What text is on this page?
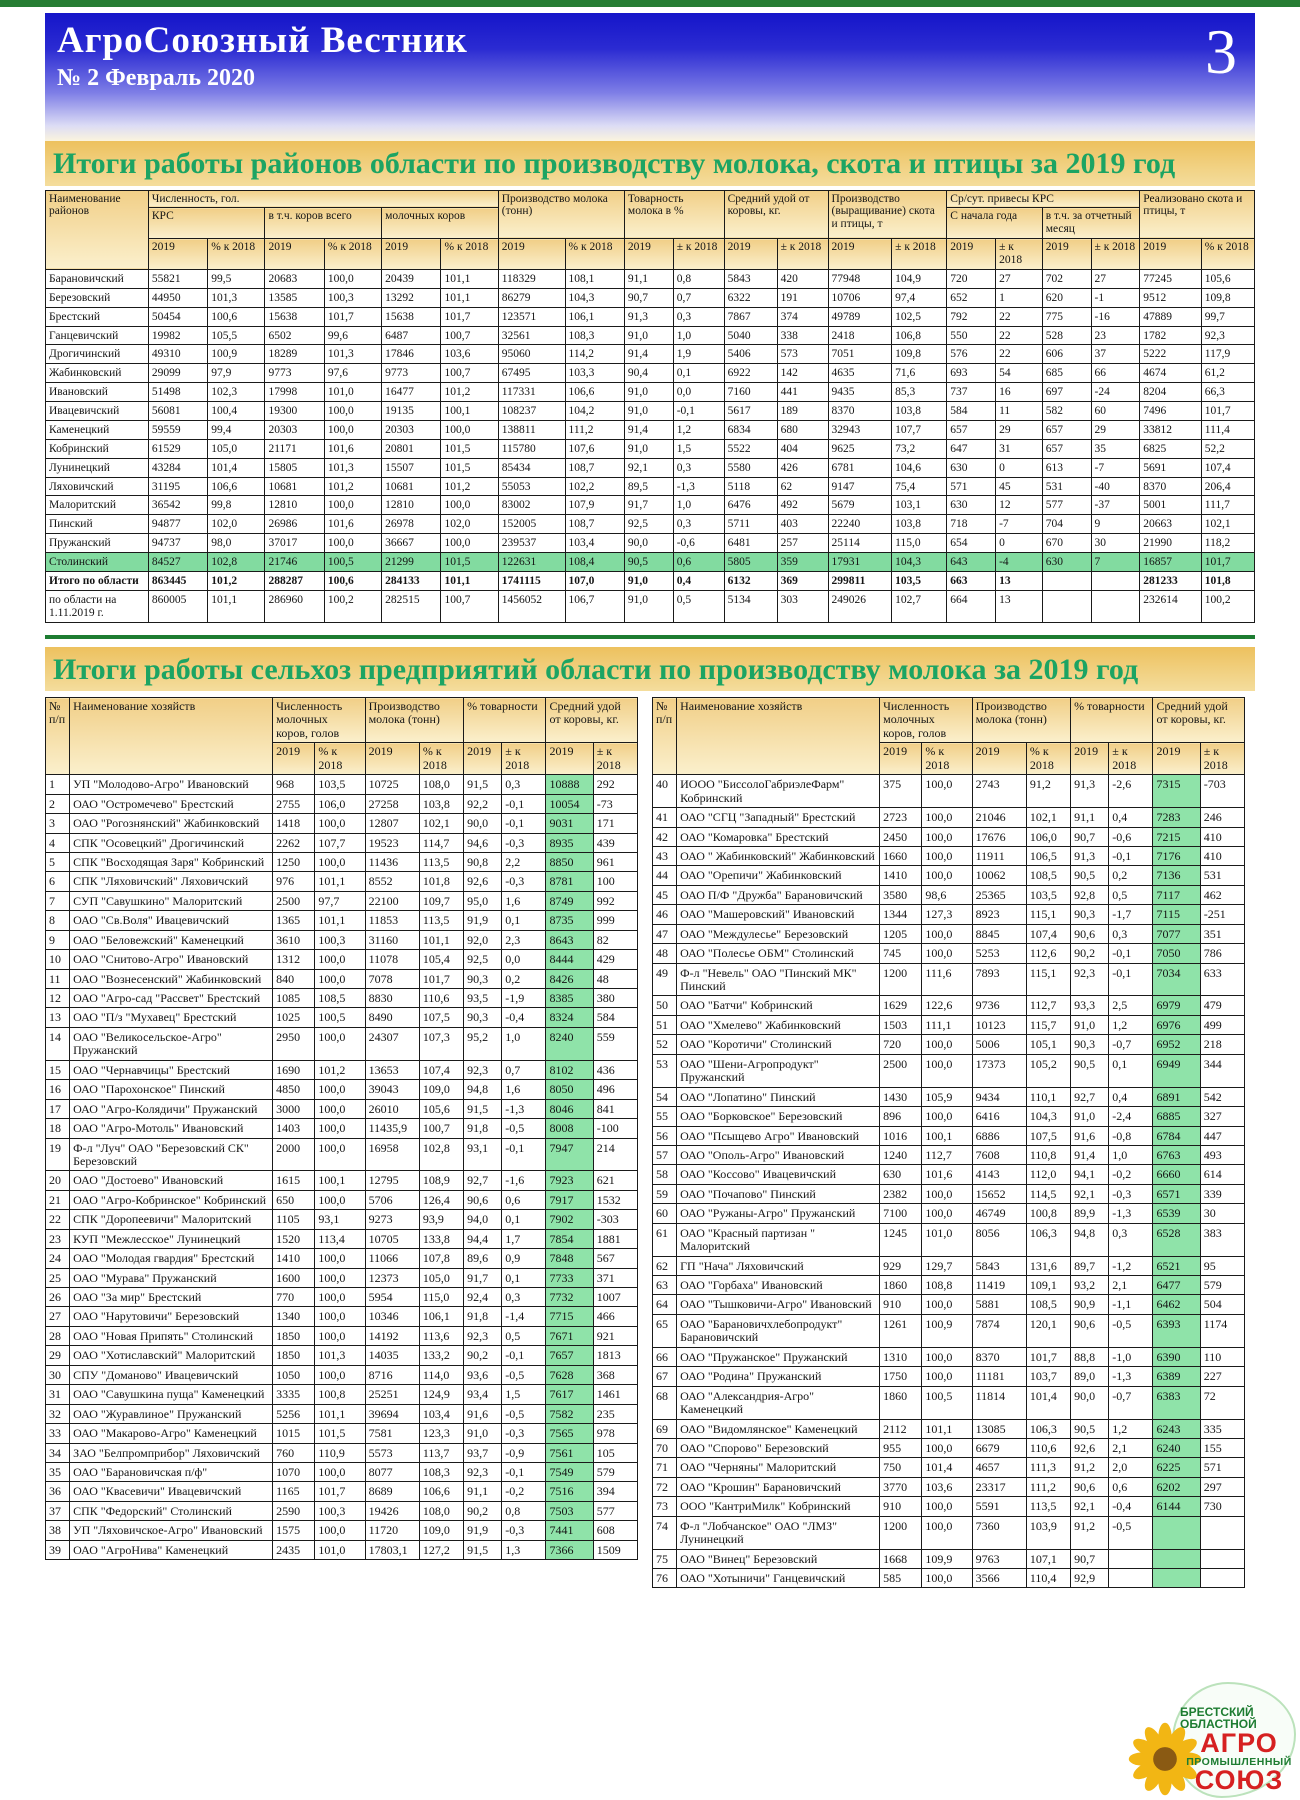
АгроСоюзный Вестник
№ 2 Февраль 2020	3
Итоги работы районов области по производству молока, скота и птицы за 2019 год
Наименование районов	Численность, гол.						Производство молока (тонн)		Товарность молока в %		Средний удой от коровы, кг.		Производство (выращивание) скота и птицы, т		Ср/сут. привесы КРС				Реализовано скота и птицы, т	
	КРС		в т.ч. коров всего		молочных коров										С начала года		в т.ч. за отчетный месяц			
	2019	% к 2018	2019	% к 2018	2019	% к 2018	2019	% к 2018	2019	± к 2018	2019	± к 2018	2019	± к 2018	2019	± к 2018	2019	± к 2018	2019	% к 2018
Барановичский	55821	99,5	20683	100,0	20439	101,1	118329	108,1	91,1	0,8	5843	420	77948	104,9	720	27	702	27	77245	105,6
Березовский	44950	101,3	13585	100,3	13292	101,1	86279	104,3	90,7	0,7	6322	191	10706	97,4	652	1	620	-1	9512	109,8
Брестский	50454	100,6	15638	101,7	15638	101,7	123571	106,1	91,3	0,3	7867	374	49789	102,5	792	22	775	-16	47889	99,7
Ганцевичский	19982	105,5	6502	99,6	6487	100,7	32561	108,3	91,0	1,0	5040	338	2418	106,8	550	22	528	23	1782	92,3
Дрогичинский	49310	100,9	18289	101,3	17846	103,6	95060	114,2	91,4	1,9	5406	573	7051	109,8	576	22	606	37	5222	117,9
Жабинковский	29099	97,9	9773	97,6	9773	100,7	67495	103,3	90,4	0,1	6922	142	4635	71,6	693	54	685	66	4674	61,2
Ивановский	51498	102,3	17998	101,0	16477	101,2	117331	106,6	91,0	0,0	7160	441	9435	85,3	737	16	697	-24	8204	66,3
Ивацевичский	56081	100,4	19300	100,0	19135	100,1	108237	104,2	91,0	-0,1	5617	189	8370	103,8	584	11	582	60	7496	101,7
Каменецкий	59559	99,4	20303	100,0	20303	100,0	138811	111,2	91,4	1,2	6834	680	32943	107,7	657	29	657	29	33812	111,4
Кобринский	61529	105,0	21171	101,6	20801	101,5	115780	107,6	91,0	1,5	5522	404	9625	73,2	647	31	657	35	6825	52,2
Лунинецкий	43284	101,4	15805	101,3	15507	101,5	85434	108,7	92,1	0,3	5580	426	6781	104,6	630	0	613	-7	5691	107,4
Ляховичский	31195	106,6	10681	101,2	10681	101,2	55053	102,2	89,5	-1,3	5118	62	9147	75,4	571	45	531	-40	8370	206,4
Малоритский	36542	99,8	12810	100,0	12810	100,0	83002	107,9	91,7	1,0	6476	492	5679	103,1	630	12	577	-37	5001	111,7
Пинский	94877	102,0	26986	101,6	26978	102,0	152005	108,7	92,5	0,3	5711	403	22240	103,8	718	-7	704	9	20663	102,1
Пружанский	94737	98,0	37017	100,0	36667	100,0	239537	103,4	90,0	-0,6	6481	257	25114	115,0	654	0	670	30	21990	118,2
Столинский	84527	102,8	21746	100,5	21299	101,5	122631	108,4	90,5	0,6	5805	359	17931	104,3	643	-4	630	7	16857	101,7
Итого по области	863445	101,2	288287	100,6	284133	101,1	1741115	107,0	91,0	0,4	6132	369	299811	103,5	663	13			281233	101,8
по области на 1.11.2019 г.	860005	101,1	286960	100,2	282515	100,7	1456052	106,7	91,0	0,5	5134	303	249026	102,7	664	13			232614	100,2
Итоги работы сельхоз предприятий области по производству молока за 2019 год
№ п/п	Наименование хозяйств	Численность молочных коров, голов		Производство молока (тонн)		% товарности		Средний удой от коровы, кг.	
		2019	% к 2018	2019	% к 2018	2019	± к 2018	2019	± к 2018
1	УП "Молодово-Агро" Ивановский	968	103,5	10725	108,0	91,5	0,3	10888	292
2	ОАО "Остромечево" Брестский	2755	106,0	27258	103,8	92,2	-0,1	10054	-73
3	ОАО "Рогознянский" Жабинковский	1418	100,0	12807	102,1	90,0	-0,1	9031	171
4	СПК "Осовецкий" Дрогичинский	2262	107,7	19523	114,7	94,6	-0,3	8935	439
5	СПК "Восходящая Заря" Кобринский	1250	100,0	11436	113,5	90,8	2,2	8850	961
6	СПК "Ляховичский" Ляховичский	976	101,1	8552	101,8	92,6	-0,3	8781	100
7	СУП "Савушкино" Малоритский	2500	97,7	22100	109,7	95,0	1,6	8749	992
8	ОАО "Св.Воля" Ивацевичский	1365	101,1	11853	113,5	91,9	0,1	8735	999
9	ОАО "Беловежский" Каменецкий	3610	100,3	31160	101,1	92,0	2,3	8643	82
10	ОАО "Снитово-Агро" Ивановский	1312	100,0	11078	105,4	92,5	0,0	8444	429
11	ОАО "Вознесенский" Жабинковский	840	100,0	7078	101,7	90,3	0,2	8426	48
12	ОАО "Агро-сад "Рассвет" Брестский	1085	108,5	8830	110,6	93,5	-1,9	8385	380
13	ОАО "П/з "Мухавец" Брестский	1025	100,5	8490	107,5	90,3	-0,4	8324	584
14	ОАО "Великосельское-Агро" Пружанский	2950	100,0	24307	107,3	95,2	1,0	8240	559
15	ОАО "Чернавчицы" Брестский	1690	101,2	13653	107,4	92,3	0,7	8102	436
16	ОАО "Парохонское" Пинский	4850	100,0	39043	109,0	94,8	1,6	8050	496
17	ОАО "Агро-Колядичи" Пружанский	3000	100,0	26010	105,6	91,5	-1,3	8046	841
18	ОАО "Агро-Мотоль" Ивановский	1403	100,0	11435,9	100,7	91,8	-0,5	8008	-100
19	Ф-л "Луч" ОАО "Березовский СК" Березовский	2000	100,0	16958	102,8	93,1	-0,1	7947	214
20	ОАО "Достоево" Ивановский	1615	100,1	12795	108,9	92,7	-1,6	7923	621
21	ОАО "Агро-Кобринское" Кобринский	650	100,0	5706	126,4	90,6	0,6	7917	1532
22	СПК "Доропеевичи" Малоритский	1105	93,1	9273	93,9	94,0	0,1	7902	-303
23	КУП "Межлесское" Лунинецкий	1520	113,4	10705	133,8	94,4	1,7	7854	1881
24	ОАО "Молодая гвардия" Брестский	1410	100,0	11066	107,8	89,6	0,9	7848	567
25	ОАО "Мурава" Пружанский	1600	100,0	12373	105,0	91,7	0,1	7733	371
26	ОАО "За мир" Брестский	770	100,0	5954	115,0	92,4	0,3	7732	1007
27	ОАО "Нарутовичи" Березовский	1340	100,0	10346	106,1	91,8	-1,4	7715	466
28	ОАО "Новая Припять" Столинский	1850	100,0	14192	113,6	92,3	0,5	7671	921
29	ОАО "Хотиславский" Малоритский	1850	101,3	14035	133,2	90,2	-0,1	7657	1813
30	СПУ "Доманово" Ивацевичский	1050	100,0	8716	114,0	93,6	-0,5	7628	368
31	ОАО "Савушкина пуща" Каменецкий	3335	100,8	25251	124,9	93,4	1,5	7617	1461
32	ОАО "Журавлиное" Пружанский	5256	101,1	39694	103,4	91,6	-0,5	7582	235
33	ОАО "Макарово-Агро" Каменецкий	1015	101,5	7581	123,3	91,0	-0,3	7565	978
34	ЗАО "Белпромприбор" Ляховичский	760	110,9	5573	113,7	93,7	-0,9	7561	105
35	ОАО "Барановичская п/ф"	1070	100,0	8077	108,3	92,3	-0,1	7549	579
36	ОАО "Квасевичи" Ивацевичский	1165	101,7	8689	106,6	91,1	-0,2	7516	394
37	СПК "Федорский" Столинский	2590	100,3	19426	108,0	90,2	0,8	7503	577
38	УП "Ляховичское-Агро" Ивановский	1575	100,0	11720	109,0	91,9	-0,3	7441	608
39	ОАО "АгроНива" Каменецкий	2435	101,0	17803,1	127,2	91,5	1,3	7366	1509
№ п/п	Наименование хозяйств	Численность молочных коров, голов		Производство молока (тонн)		% товарности		Средний удой от коровы, кг.	
		2019	% к 2018	2019	% к 2018	2019	± к 2018	2019	± к 2018
40	ИООО "БиссолоГабриэлеФарм" Кобринский	375	100,0	2743	91,2	91,3	-2,6	7315	-703
41	ОАО "СГЦ "Западный" Брестский	2723	100,0	21046	102,1	91,1	0,4	7283	246
42	ОАО "Комаровка" Брестский	2450	100,0	17676	106,0	90,7	-0,6	7215	410
43	ОАО " Жабинковский" Жабинковский	1660	100,0	11911	106,5	91,3	-0,1	7176	410
44	ОАО "Орепичи" Жабинковский	1410	100,0	10062	108,5	90,5	0,2	7136	531
45	ОАО П/Ф "Дружба" Барановичский	3580	98,6	25365	103,5	92,8	0,5	7117	462
46	ОАО "Машеровский" Ивановский	1344	127,3	8923	115,1	90,3	-1,7	7115	-251
47	ОАО "Междулесье" Березовский	1205	100,0	8845	107,4	90,6	0,3	7077	351
48	ОАО "Полесье ОБМ" Столинский	745	100,0	5253	112,6	90,2	-0,1	7050	786
49	Ф-л "Невель" ОАО "Пинский МК" Пинский	1200	111,6	7893	115,1	92,3	-0,1	7034	633
50	ОАО "Батчи" Кобринский	1629	122,6	9736	112,7	93,3	2,5	6979	479
51	ОАО "Хмелево" Жабинковский	1503	111,1	10123	115,7	91,0	1,2	6976	499
52	ОАО "Коротичи" Столинский	720	100,0	5006	105,1	90,3	-0,7	6952	218
53	ОАО "Шени-Агропродукт" Пружанский	2500	100,0	17373	105,2	90,5	0,1	6949	344
54	ОАО "Лопатино" Пинский	1430	105,9	9434	110,1	92,7	0,4	6891	542
55	ОАО "Борковское" Березовский	896	100,0	6416	104,3	91,0	-2,4	6885	327
56	ОАО "Псыщево Агро" Ивановский	1016	100,1	6886	107,5	91,6	-0,8	6784	447
57	ОАО "Ополь-Агро" Ивановский	1240	112,7	7608	110,8	91,4	1,0	6763	493
58	ОАО "Коссово" Ивацевичский	630	101,6	4143	112,0	94,1	-0,2	6660	614
59	ОАО "Почапово" Пинский	2382	100,0	15652	114,5	92,1	-0,3	6571	339
60	ОАО "Ружаны-Агро" Пружанский	7100	100,0	46749	100,8	89,9	-1,3	6539	30
61	ОАО "Красный партизан " Малоритский	1245	101,0	8056	106,3	94,8	0,3	6528	383
62	ГП "Нача" Ляховичский	929	129,7	5843	131,6	89,7	-1,2	6521	95
63	ОАО "Горбаха" Ивановский	1860	108,8	11419	109,1	93,2	2,1	6477	579
64	ОАО "Тышковичи-Агро" Ивановский	910	100,0	5881	108,5	90,9	-1,1	6462	504
65	ОАО "Барановичхлебопродукт" Барановичский	1261	100,9	7874	120,1	90,6	-0,5	6393	1174
66	ОАО "Пружанское" Пружанский	1310	100,0	8370	101,7	88,8	-1,0	6390	110
67	ОАО "Родина" Пружанский	1750	100,0	11181	103,7	89,0	-1,3	6389	227
68	ОАО "Александрия-Агро" Каменецкий	1860	100,5	11814	101,4	90,0	-0,7	6383	72
69	ОАО "Видомлянское" Каменецкий	2112	101,1	13085	106,3	90,5	1,2	6243	335
70	ОАО "Спорово" Березовский	955	100,0	6679	110,6	92,6	2,1	6240	155
71	ОАО "Черняны" Малоритский	750	101,4	4657	111,3	91,2	2,0	6225	571
72	ОАО "Крошин" Барановичский	3770	103,6	23317	111,2	90,6	0,6	6202	297
73	ООО "КантриМилк" Кобринский	910	100,0	5591	113,5	92,1	-0,4	6144	730
74	Ф-л "Лобчанское" ОАО "ЛМЗ" Лунинецкий	1200	100,0	7360	103,9	91,2	-0,5		
75	ОАО "Винец" Березовский	1668	109,9	9763	107,1	90,7			
76	ОАО "Хотыничи" Ганцевичский	585	100,0	3566	110,4	92,9			
БРЕСТСКИЙ
ОБЛАСТНОЙ
АГРО
ПРОМЫШЛЕННЫЙ
СОЮЗ
